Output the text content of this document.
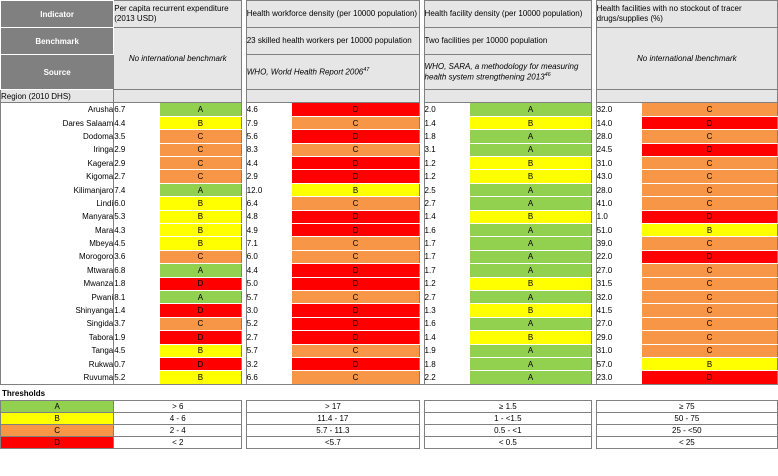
Indicator	Per capita recurrent expenditure (2013 USD)			Health workforce density (per 10000 population)			Health facility density (per 10000 population)			Health facilities with no stockout of tracer drugs/supplies (%)	
Benchmark	No international benchmark			23 skilled health workers per 10000 population			Two facilities per 10000 population			No international lbenchmark	
Source				WHO, World Health Report 2006$^{47}$			WHO, SARA, a methodology for measuring health system strengthening 2013$^{46}$	
Region (2010 DHS)											
Arusha	6.7	A		4.6	D		2.0	A		32.0	C
Dares Salaam	4.4	B		7.9	C		1.4	B		14.0	D
Dodoma	3.5	C		5.6	D		1.8	A		28.0	C
Iringa	2.9	C		8.3	C		3.1	A		24.5	D
Kagera	2.9	C		4.4	D		1.2	B		31.0	C
Kigoma	2.7	C		2.9	D		1.2	B		43.0	C
Kilimanjaro	7.4	A		12.0	B		2.5	A		28.0	C
Lindi	6.0	B		6.4	C		2.7	A		41.0	C
Manyara	5.3	B		4.8	D		1.4	B		1.0	D
Mara	4.3	B		4.9	D		1.6	A		51.0	B
Mbeya	4.5	B		7.1	C		1.7	A		39.0	C
Morogoro	3.6	C		6.0	C		1.7	A		22.0	D
Mtwara	6.8	A		4.4	D		1.7	A		27.0	C
Mwanza	1.8	D		5.0	D		1.2	B		31.5	C
Pwani	8.1	A		5.7	C		2.7	A		32.0	C
Shinyanga	1.4	D		3.0	D		1.3	B		41.5	C
Singida	3.7	C		5.2	D		1.6	A		27.0	C
Tabora	1.9	D		2.7	D		1.4	B		29.0	C
Tanga	4.5	B		5.7	C		1.9	A		31.0	C
Rukwa	0.7	D		3.2	D		1.8	A		57.0	B
Ruvuma	5.2	B		6.6	C		2.2	A		23.0	D
Thresholds
A	> 6		> 17		≥ 1.5		≥ 75
B	4 - 6		11.4 - 17		1 - <1.5		50 - 75
C	2 - 4		5.7 - 11.3		0.5 - <1		25 - <50
D	< 2		<5.7		< 0.5		< 25
